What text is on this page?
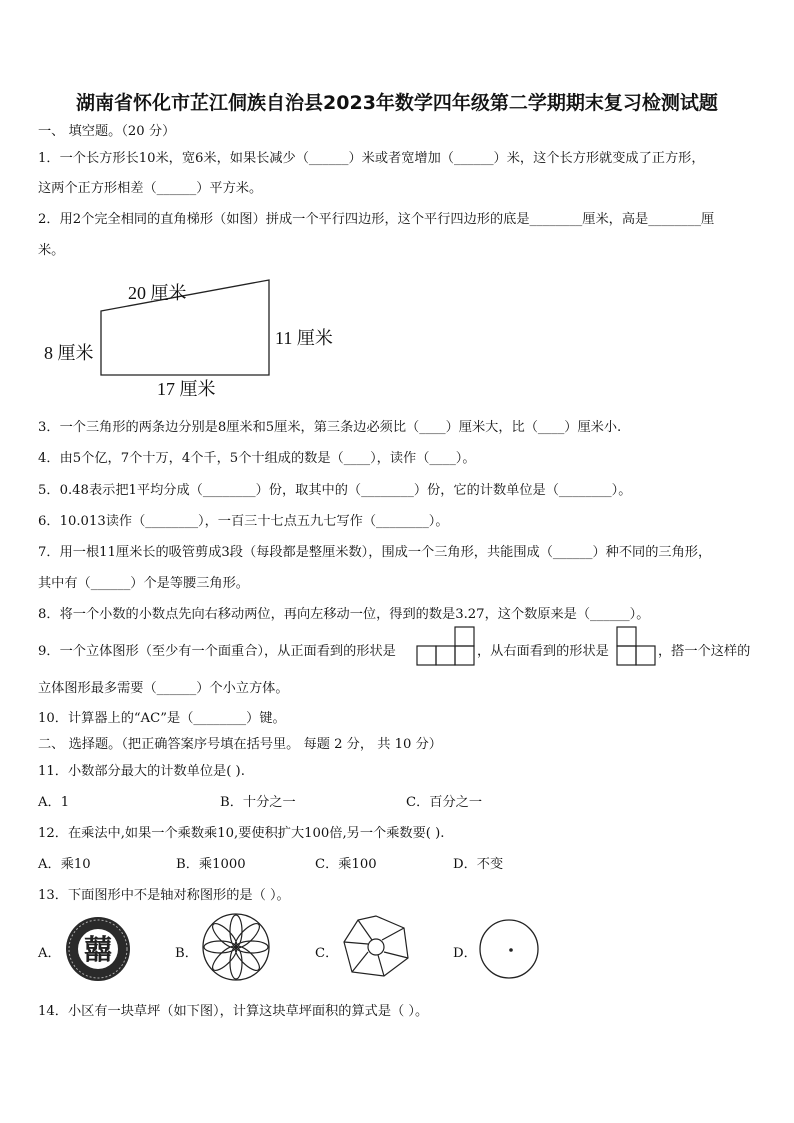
湖南省怀化市芷江侗族自治县2023年数学四年级第二学期期末复习检测试题
一、 填空题。（20 分）
1．一个长方形长10米，宽6米，如果长减少（______）米或者宽增加（______）米，这个长方形就变成了正方形，
这两个正方形相差（______）平方米。
2．用2个完全相同的直角梯形（如图）拼成一个平行四边形，这个平行四边形的底是________厘米，高是________厘
米。
20 厘米
8 厘米
11 厘米
17 厘米
3．一个三角形的两条边分别是8厘米和5厘米，第三条边必须比（____）厘米大，比（____）厘米小.
4．由5个亿，7个十万，4个千，5个十组成的数是（____），读作（____）。
5．0.48表示把1平均分成（________）份，取其中的（________）份，它的计数单位是（________）。
6．10.013读作（________），一百三十七点五九七写作（________）。
7．用一根11厘米长的吸管剪成3段（每段都是整厘米数），围成一个三角形，共能围成（______）种不同的三角形，
其中有（______）个是等腰三角形。
8．将一个小数的小数点先向右移动两位，再向左移动一位，得到的数是3.27，这个数原来是（______）。
9．一个立体图形（至少有一个面重合），从正面看到的形状是	，从右面看到的形状是	，搭一个这样的
立体图形最多需要（______）个小立方体。
10．计算器上的“AC”是（________）键。
二、 选择题。（把正确答案序号填在括号里。 每题 2 分， 共 10 分）
11．小数部分最大的计数单位是( ).
A．1	B．十分之一	C．百分之一
12．在乘法中,如果一个乘数乘10,要使积扩大100倍,另一个乘数要( ).
A．乘10	B．乘1000	C．乘100	D．不变
13．下面图形中不是轴对称图形的是（ ）。
A． 囍	B．	C．	D．
14．小区有一块草坪（如下图），计算这块草坪面积的算式是（ ）。
